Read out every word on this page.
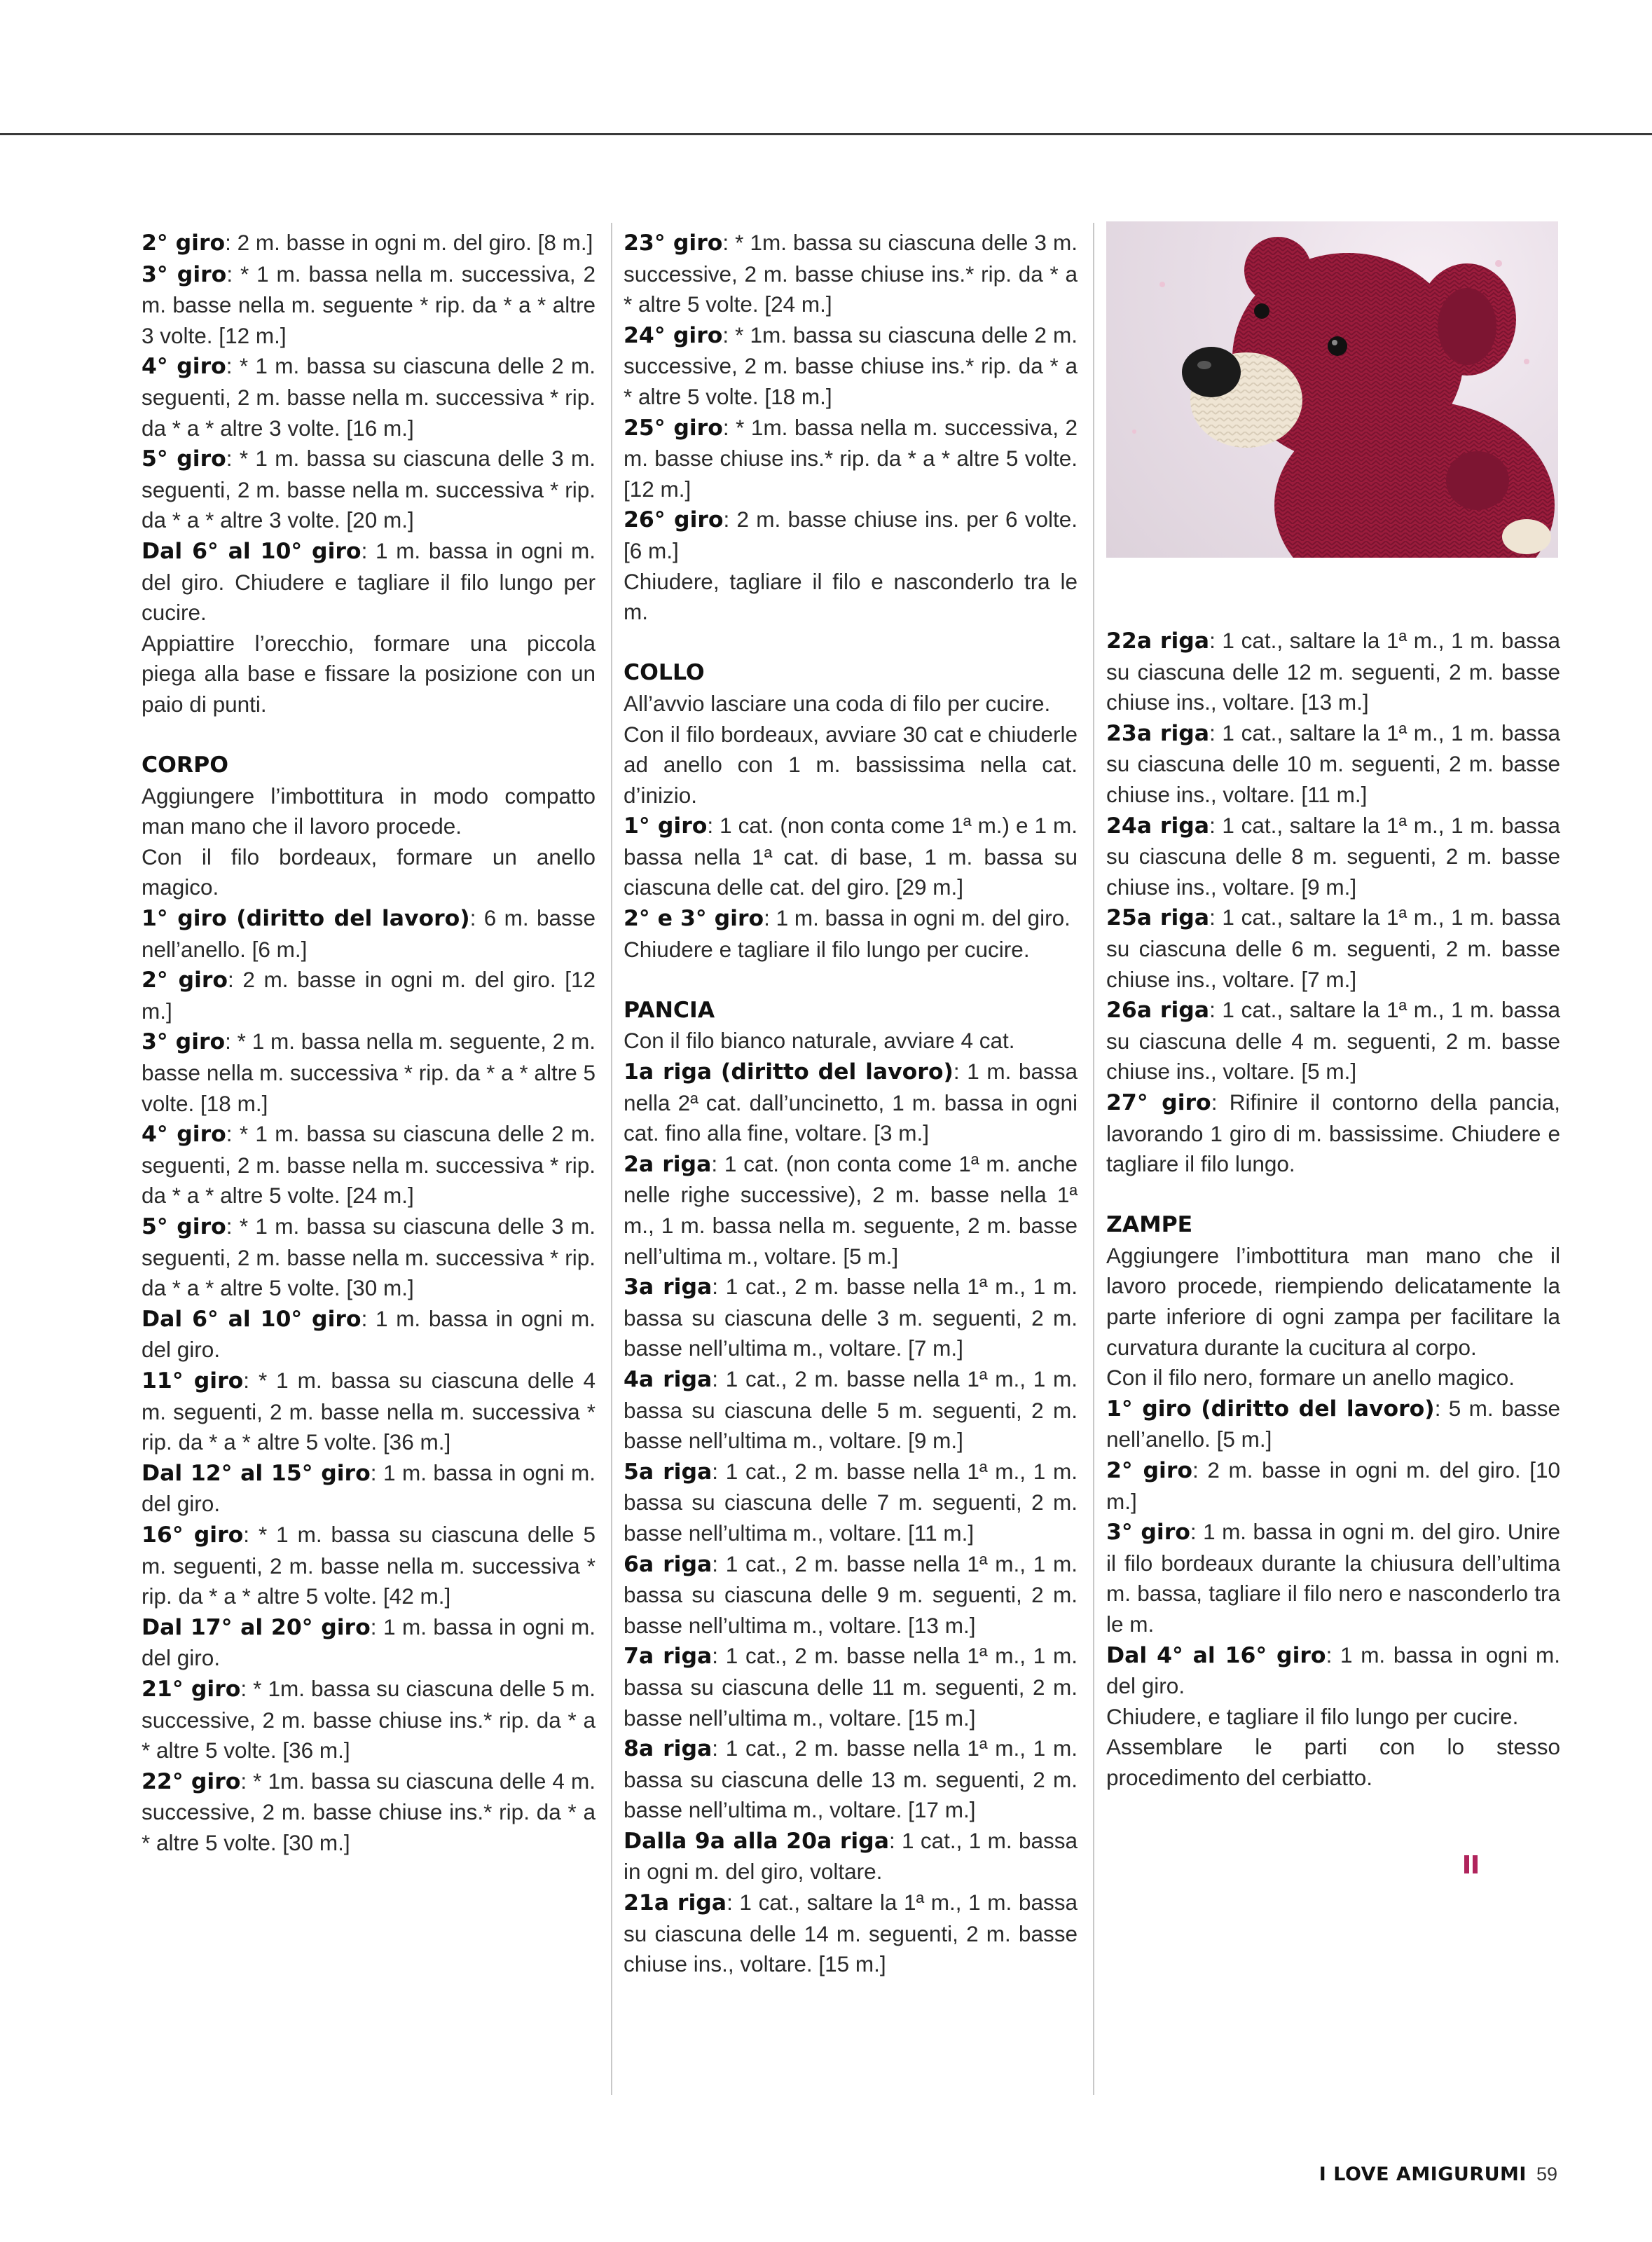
2° giro: 2 m. basse in ogni m. del giro. [8 m.]

3° giro: * 1 m. bassa nella m. successiva, 2 m. basse nella m. seguente * rip. da * a * altre 3 volte. [12 m.]

4° giro: * 1 m. bassa su ciascuna delle 2 m. seguenti, 2 m. basse nella m. successiva * rip. da * a * altre 3 volte. [16 m.]

5° giro: * 1 m. bassa su ciascuna delle 3 m. seguenti, 2 m. basse nella m. successiva * rip. da * a * altre 3 volte. [20 m.]

Dal 6° al 10° giro: 1 m. bassa in ogni m. del giro. Chiudere e tagliare il filo lungo per cucire.

Appiattire l’orecchio, formare una piccola piega alla base e fissare la posizione con un paio di punti.

CORPO

Aggiungere l’imbottitura in modo compatto man mano che il lavoro procede.

Con il filo bordeaux, formare un anello magico.

1° giro (diritto del lavoro): 6 m. basse nell’anello. [6 m.]

2° giro: 2 m. basse in ogni m. del giro. [12 m.]

3° giro: * 1 m. bassa nella m. seguente, 2 m. basse nella m. successiva * rip. da * a * altre 5 volte. [18 m.]

4° giro: * 1 m. bassa su ciascuna delle 2 m. seguenti, 2 m. basse nella m. successiva * rip. da * a * altre 5 volte. [24 m.]

5° giro: * 1 m. bassa su ciascuna delle 3 m. seguenti, 2 m. basse nella m. successiva * rip. da * a * altre 5 volte. [30 m.]

Dal 6° al 10° giro: 1 m. bassa in ogni m. del giro.

11° giro: * 1 m. bassa su ciascuna delle 4 m. seguenti, 2 m. basse nella m. successiva * rip. da * a * altre 5 volte. [36 m.]

Dal 12° al 15° giro: 1 m. bassa in ogni m. del giro.

16° giro: * 1 m. bassa su ciascuna delle 5 m. seguenti, 2 m. basse nella m. successiva * rip. da * a * altre 5 volte. [42 m.]

Dal 17° al 20° giro: 1 m. bassa in ogni m. del giro.

21° giro: * 1m. bassa su ciascuna delle 5 m. successive, 2 m. basse chiuse ins.* rip. da * a * altre 5 volte. [36 m.]

22° giro: * 1m. bassa su ciascuna delle 4 m. successive, 2 m. basse chiuse ins.* rip. da * a * altre 5 volte. [30 m.]

23° giro: * 1m. bassa su ciascuna delle 3 m. successive, 2 m. basse chiuse ins.* rip. da * a * altre 5 volte. [24 m.]

24° giro: * 1m. bassa su ciascuna delle 2 m. successive, 2 m. basse chiuse ins.* rip. da * a * altre 5 volte. [18 m.]

25° giro: * 1m. bassa nella m. successiva, 2 m. basse chiuse ins.* rip. da * a * altre 5 volte. [12 m.]

26° giro: 2 m. basse chiuse ins. per 6 volte. [6 m.]

Chiudere, tagliare il filo e nasconderlo tra le m.

COLLO

All’avvio lasciare una coda di filo per cucire.

Con il filo bordeaux, avviare 30 cat e chiuderle ad anello con 1 m. bassissima nella cat. d’inizio.

1° giro: 1 cat. (non conta come 1ª m.) e 1 m. bassa nella 1ª cat. di base, 1 m. bassa su ciascuna delle cat. del giro. [29 m.]

2° e 3° giro: 1 m. bassa in ogni m. del giro.

Chiudere e tagliare il filo lungo per cucire.

PANCIA

Con il filo bianco naturale, avviare 4 cat.

1a riga (diritto del lavoro): 1 m. bassa nella 2ª cat. dall’uncinetto, 1 m. bassa in ogni cat. fino alla fine, voltare. [3 m.]

2a riga: 1 cat. (non conta come 1ª m. anche nelle righe successive), 2 m. basse nella 1ª m., 1 m. bassa nella m. seguente, 2 m. basse nell’ultima m., voltare. [5 m.]

3a riga: 1 cat., 2 m. basse nella 1ª m., 1 m. bassa su ciascuna delle 3 m. seguenti, 2 m. basse nell’ultima m., voltare. [7 m.]

4a riga: 1 cat., 2 m. basse nella 1ª m., 1 m. bassa su ciascuna delle 5 m. seguenti, 2 m. basse nell’ultima m., voltare. [9 m.]

5a riga: 1 cat., 2 m. basse nella 1ª m., 1 m. bassa su ciascuna delle 7 m. seguenti, 2 m. basse nell’ultima m., voltare. [11 m.]

6a riga: 1 cat., 2 m. basse nella 1ª m., 1 m. bassa su ciascuna delle 9 m. seguenti, 2 m. basse nell’ultima m., voltare. [13 m.]

7a riga: 1 cat., 2 m. basse nella 1ª m., 1 m. bassa su ciascuna delle 11 m. seguenti, 2 m. basse nell’ultima m., voltare. [15 m.]

8a riga: 1 cat., 2 m. basse nella 1ª m., 1 m. bassa su ciascuna delle 13 m. seguenti, 2 m. basse nell’ultima m., voltare. [17 m.]

Dalla 9a alla 20a riga: 1 cat., 1 m. bassa in ogni m. del giro, voltare.

21a riga: 1 cat., saltare la 1ª m., 1 m. bassa su ciascuna delle 14 m. seguenti, 2 m. basse chiuse ins., voltare. [15 m.]

22a riga: 1 cat., saltare la 1ª m., 1 m. bassa su ciascuna delle 12 m. seguenti, 2 m. basse chiuse ins., voltare. [13 m.]

23a riga: 1 cat., saltare la 1ª m., 1 m. bassa su ciascuna delle 10 m. seguenti, 2 m. basse chiuse ins., voltare. [11 m.]

24a riga: 1 cat., saltare la 1ª m., 1 m. bassa su ciascuna delle 8 m. seguenti, 2 m. basse chiuse ins., voltare. [9 m.]

25a riga: 1 cat., saltare la 1ª m., 1 m. bassa su ciascuna delle 6 m. seguenti, 2 m. basse chiuse ins., voltare. [7 m.]

26a riga: 1 cat., saltare la 1ª m., 1 m. bassa su ciascuna delle 4 m. seguenti, 2 m. basse chiuse ins., voltare. [5 m.]

27° giro: Rifinire il contorno della pancia, lavorando 1 giro di m. bassissime. Chiudere e tagliare il filo lungo.

ZAMPE

Aggiungere l’imbottitura man mano che il lavoro procede, riempiendo delicatamente la parte inferiore di ogni zampa per facilitare la curvatura durante la cucitura al corpo.

Con il filo nero, formare un anello magico.

1° giro (diritto del lavoro): 5 m. basse nell’anello. [5 m.]

2° giro: 2 m. basse in ogni m. del giro. [10 m.]

3° giro: 1 m. bassa in ogni m. del giro. Unire il filo bordeaux durante la chiusura dell’ultima m. bassa, tagliare il filo nero e nasconderlo tra le m.

Dal 4° al 16° giro: 1 m. bassa in ogni m. del giro.

Chiudere, e tagliare il filo lungo per cucire.

Assemblare le parti con lo stesso procedimento del cerbiatto.

I LOVE AMIGURUMI 59
